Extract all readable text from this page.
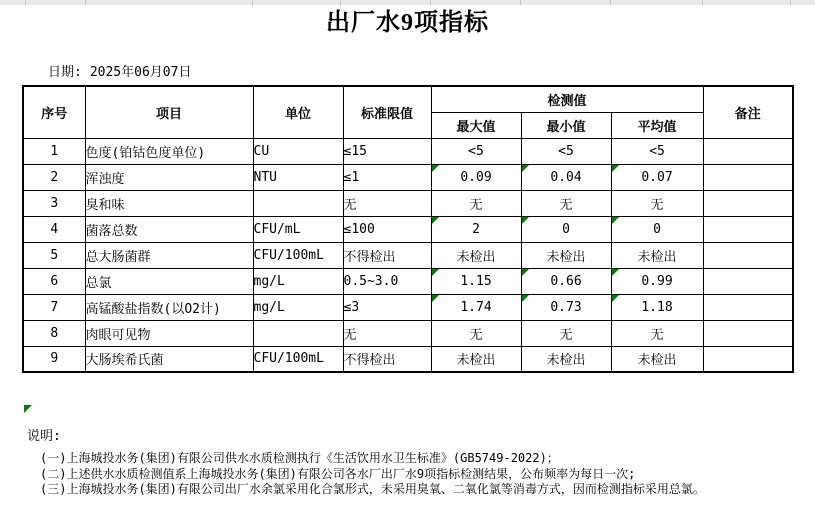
出厂水9项指标
日期: 2025年06月07日
序号	项目	单位	标准限值	检测值			备注
				最大值	最小值	平均值	
1	色度(铂钴色度单位)	CU	≤15	<5	<5	<5	
2	浑浊度	NTU	≤1	0.09	0.04	0.07	
3	臭和味		无	无	无	无	
4	菌落总数	CFU/mL	≤100	2	0	0	
5	总大肠菌群	CFU/100mL	不得检出	未检出	未检出	未检出	
6	总氯	mg/L	0.5~3.0	1.15	0.66	0.99	
7	高锰酸盐指数(以O2计)	mg/L	≤3	1.74	0.73	1.18	
8	肉眼可见物		无	无	无	无	
9	大肠埃希氏菌	CFU/100mL	不得检出	未检出	未检出	未检出	
说明:
(一)上海城投水务(集团)有限公司供水水质检测执行《生活饮用水卫生标准》(GB5749-2022)；
(二)上述供水水质检测值系上海城投水务(集团)有限公司各水厂出厂水9项指标检测结果，公布频率为每日一次;
(三)上海城投水务(集团)有限公司出厂水余氯采用化合氯形式，未采用臭氧、二氧化氯等消毒方式，因而检测指标采用总氯。
